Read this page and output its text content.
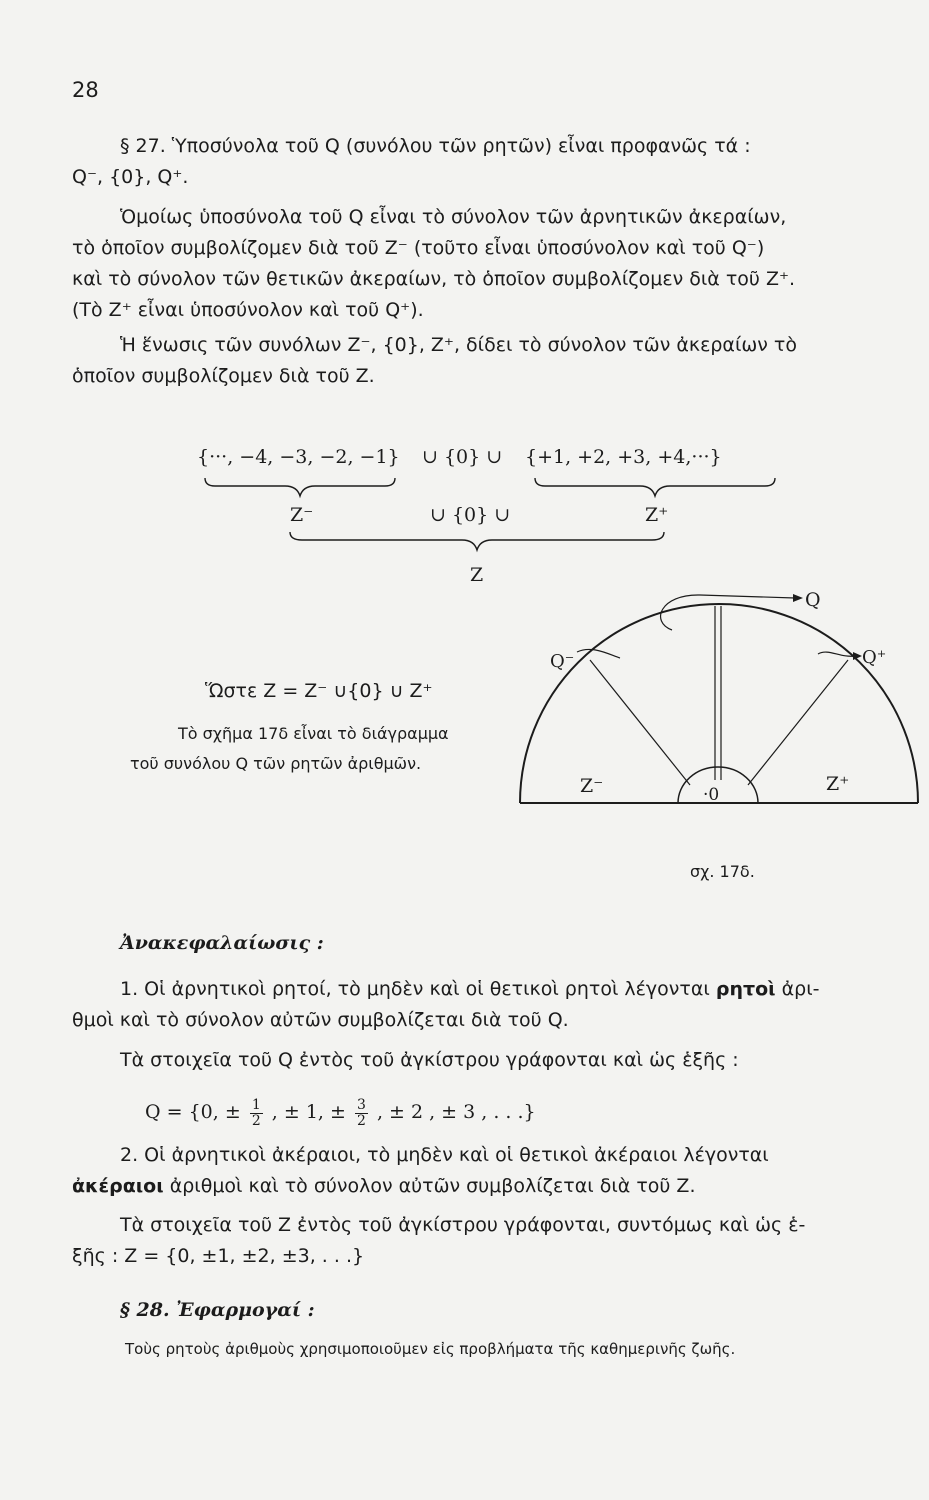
28
§ 27. Ὑποσύνολα τοῦ Q (συνόλου τῶν ρητῶν) εἶναι προφανῶς τά :
Q⁻, {0}, Q⁺.
Ὁμοίως ὑποσύνολα τοῦ Q εἶναι τὸ σύνολον τῶν ἀρνητικῶν ἀκεραίων,
τὸ ὁποῖον συμβολίζομεν διὰ τοῦ Z⁻ (τοῦτο εἶναι ὑποσύνολον καὶ τοῦ Q⁻)
καὶ τὸ σύνολον τῶν θετικῶν ἀκεραίων, τὸ ὁποῖον συμβολίζομεν διὰ τοῦ Z⁺.
(Τὸ Z⁺ εἶναι ὑποσύνολον καὶ τοῦ Q⁺).
Ἡ ἕνωσις τῶν συνόλων Z⁻, {0}, Z⁺, δίδει τὸ σύνολον τῶν ἀκεραίων τὸ
ὁποῖον συμβολίζομεν διὰ τοῦ Z.
{···, −4, −3, −2, −1} ∪ {0} ∪ {+1, +2, +3, +4,···}
Z⁻	∪ {0} ∪	Z⁺
Z
Ὥστε Z = Z⁻ ∪{0} ∪ Z⁺
Τὸ σχῆμα 17δ εἶναι τὸ διάγραμμα
τοῦ συνόλου Q τῶν ρητῶν ἀριθμῶν.
Q
Q⁻	Q⁺
Z⁻	Z⁺
·0
σχ. 17δ.
Ἀνακεφαλαίωσις :
1. Οἱ ἀρνητικοὶ ρητοί, τὸ μηδὲν καὶ οἱ θετικοὶ ρητοὶ λέγονται ρητοὶ ἀρι-
θμοὶ καὶ τὸ σύνολον αὐτῶν συμβολίζεται διὰ τοῦ Q.
Τὰ στοιχεῖα τοῦ Q ἐντὸς τοῦ ἀγκίστρου γράφονται καὶ ὡς ἑξῆς :
Q = {0, ± $\frac{1}{2}$ , ± 1, ± $\frac{3}{2}$ , ± 2 , ± 3 , . . .}
2. Οἱ ἀρνητικοὶ ἀκέραιοι, τὸ μηδὲν καὶ οἱ θετικοὶ ἀκέραιοι λέγονται
ἀκέραιοι ἀριθμοὶ καὶ τὸ σύνολον αὐτῶν συμβολίζεται διὰ τοῦ Z.
Τὰ στοιχεῖα τοῦ Z ἐντὸς τοῦ ἀγκίστρου γράφονται, συντόμως καὶ ὡς ἑ-
ξῆς : Z = {0, ±1, ±2, ±3, . . .}
§ 28. Ἐφαρμογαί :
Τοὺς ρητοὺς ἀριθμοὺς χρησιμοποιοῦμεν εἰς προβλήματα τῆς καθημερινῆς ζωῆς.
